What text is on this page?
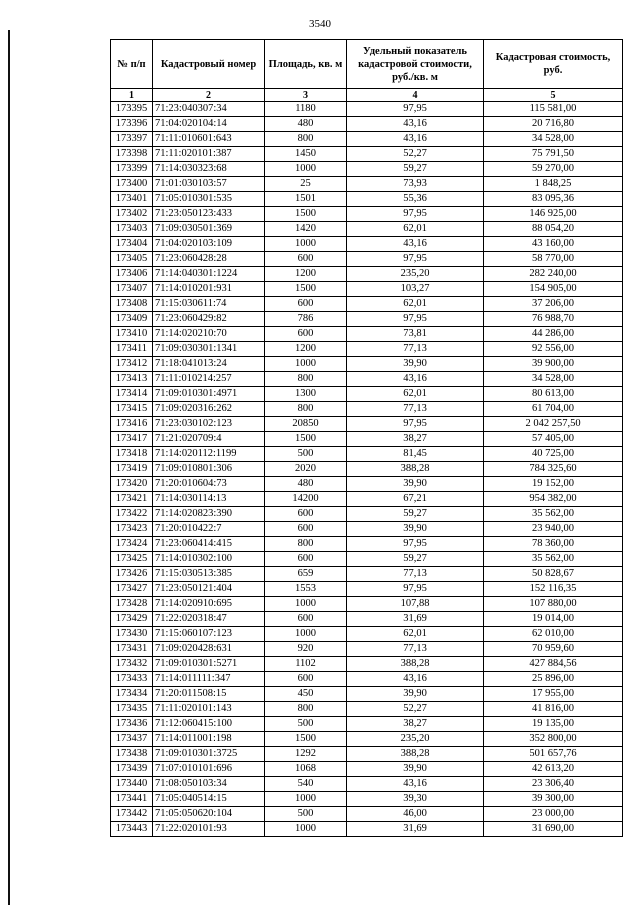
3540
№ п/п	Кадастровый номер	Площадь, кв. м	Удельный показатель кадастровой стоимости, руб./кв. м	Кадастровая стоимость, руб.
1	2	3	4	5
173395	71:23:040307:34	1180	97,95	115 581,00
173396	71:04:020104:14	480	43,16	20 716,80
173397	71:11:010601:643	800	43,16	34 528,00
173398	71:11:020101:387	1450	52,27	75 791,50
173399	71:14:030323:68	1000	59,27	59 270,00
173400	71:01:030103:57	25	73,93	1 848,25
173401	71:05:010301:535	1501	55,36	83 095,36
173402	71:23:050123:433	1500	97,95	146 925,00
173403	71:09:030501:369	1420	62,01	88 054,20
173404	71:04:020103:109	1000	43,16	43 160,00
173405	71:23:060428:28	600	97,95	58 770,00
173406	71:14:040301:1224	1200	235,20	282 240,00
173407	71:14:010201:931	1500	103,27	154 905,00
173408	71:15:030611:74	600	62,01	37 206,00
173409	71:23:060429:82	786	97,95	76 988,70
173410	71:14:020210:70	600	73,81	44 286,00
173411	71:09:030301:1341	1200	77,13	92 556,00
173412	71:18:041013:24	1000	39,90	39 900,00
173413	71:11:010214:257	800	43,16	34 528,00
173414	71:09:010301:4971	1300	62,01	80 613,00
173415	71:09:020316:262	800	77,13	61 704,00
173416	71:23:030102:123	20850	97,95	2 042 257,50
173417	71:21:020709:4	1500	38,27	57 405,00
173418	71:14:020112:1199	500	81,45	40 725,00
173419	71:09:010801:306	2020	388,28	784 325,60
173420	71:20:010604:73	480	39,90	19 152,00
173421	71:14:030114:13	14200	67,21	954 382,00
173422	71:14:020823:390	600	59,27	35 562,00
173423	71:20:010422:7	600	39,90	23 940,00
173424	71:23:060414:415	800	97,95	78 360,00
173425	71:14:010302:100	600	59,27	35 562,00
173426	71:15:030513:385	659	77,13	50 828,67
173427	71:23:050121:404	1553	97,95	152 116,35
173428	71:14:020910:695	1000	107,88	107 880,00
173429	71:22:020318:47	600	31,69	19 014,00
173430	71:15:060107:123	1000	62,01	62 010,00
173431	71:09:020428:631	920	77,13	70 959,60
173432	71:09:010301:5271	1102	388,28	427 884,56
173433	71:14:011111:347	600	43,16	25 896,00
173434	71:20:011508:15	450	39,90	17 955,00
173435	71:11:020101:143	800	52,27	41 816,00
173436	71:12:060415:100	500	38,27	19 135,00
173437	71:14:011001:198	1500	235,20	352 800,00
173438	71:09:010301:3725	1292	388,28	501 657,76
173439	71:07:010101:696	1068	39,90	42 613,20
173440	71:08:050103:34	540	43,16	23 306,40
173441	71:05:040514:15	1000	39,30	39 300,00
173442	71:05:050620:104	500	46,00	23 000,00
173443	71:22:020101:93	1000	31,69	31 690,00
